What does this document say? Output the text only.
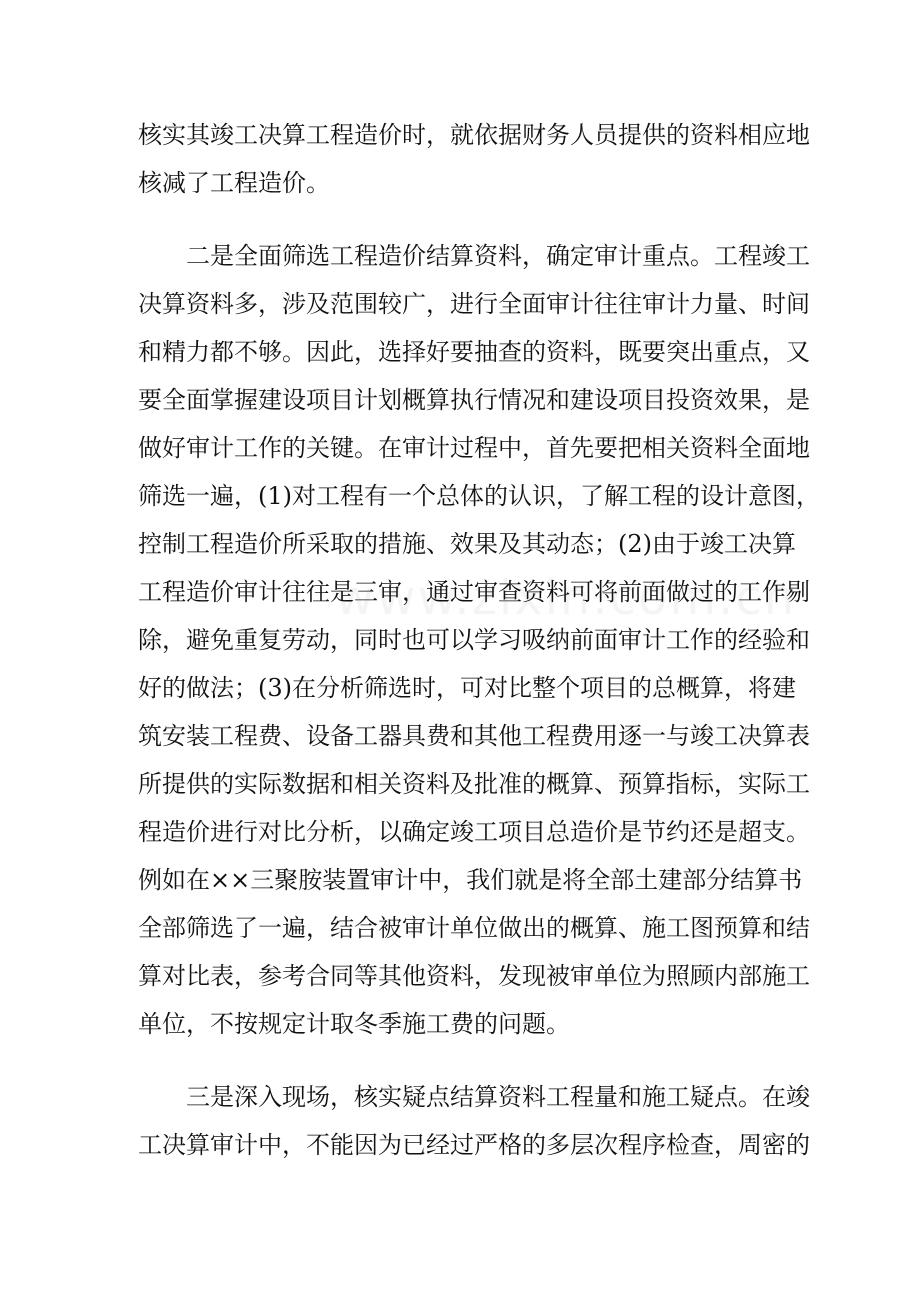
核实其竣工决算工程造价时，就依据财务人员提供的资料相应地
核减了工程造价。
二是全面筛选工程造价结算资料，确定审计重点。工程竣工
决算资料多，涉及范围较广，进行全面审计往往审计力量、时间
和精力都不够。因此，选择好要抽查的资料，既要突出重点，又
要全面掌握建设项目计划概算执行情况和建设项目投资效果，是
做好审计工作的关键。在审计过程中，首先要把相关资料全面地
筛选一遍，(1)对工程有一个总体的认识，了解工程的设计意图，
控制工程造价所采取的措施、效果及其动态；(2)由于竣工决算
工程造价审计往往是三审，通过审查资料可将前面做过的工作剔
除，避免重复劳动，同时也可以学习吸纳前面审计工作的经验和
好的做法；(3)在分析筛选时，可对比整个项目的总概算，将建
筑安装工程费、设备工器具费和其他工程费用逐一与竣工决算表
所提供的实际数据和相关资料及批准的概算、预算指标，实际工
程造价进行对比分析，以确定竣工项目总造价是节约还是超支。
例如在××三聚胺装置审计中，我们就是将全部土建部分结算书
全部筛选了一遍，结合被审计单位做出的概算、施工图预算和结
算对比表，参考合同等其他资料，发现被审单位为照顾内部施工
单位，不按规定计取冬季施工费的问题。
三是深入现场，核实疑点结算资料工程量和施工疑点。在竣
工决算审计中，不能因为已经过严格的多层次程序检查，周密的
